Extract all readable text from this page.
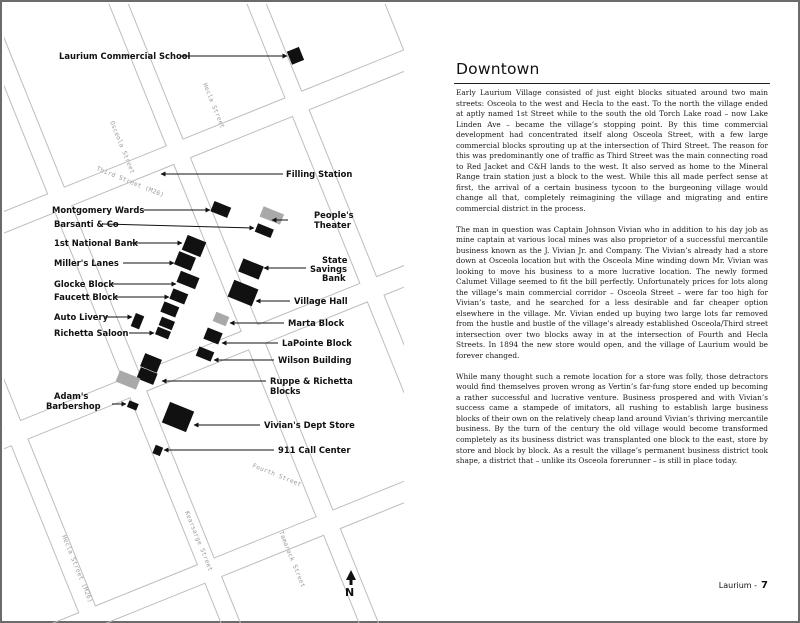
Osceola Street
Hecla Street
Third Street (M26)
Hecla Street (M26)	Kearsarge Street
Fourth Street
Tamarack Street
Laurium Commercial School
Filling Station
Montgomery Wards
Barsanti & Co
People's
Theater
1st National Bank
State
Savings
Bank
Miller's Lanes
Glocke Block
Village Hall
Faucett Block
Auto Livery
Marta Block
Richetta Saloon
LaPointe Block
Wilson Building
Ruppe & Richetta
Blocks
Adam's
Barbershop
Vivian's Dept Store
911 Call Center
N
Downtown

Early Laurium Village consisted of just eight blocks situated around two main streets: Osceola to the west and Hecla to the east. To the north the village ended at aptly named 1st Street while to the south the old Torch Lake road – now Lake Linden Ave – became the village’s stopping point. By this time commercial development had concentrated itself along Osceola Street, with a few large commercial blocks sprouting up at the intersection of Third Street. The reason for this was predominantly one of traffic as Third Street was the main connecting road to Red Jacket and C&H lands to the west. It also served as home to the Mineral Range train station just a block to the west. While this all made perfect sense at first, the arrival of a certain business tycoon to the burgeoning village would change all that, completely reimagining the village and migrating and entire commercial district in the process.

The man in question was Captain Johnson Vivian who in addition to his day job as mine captain at various local mines was also proprietor of a successful mercantile business known as the J. Vivian Jr. and Company. The Vivian’s already had a store down at Osceola location but with the Osceola Mine winding down Mr. Vivian was looking to move his business to a more lucrative location. The newly formed Calumet Village seemed to fit the bill perfectly. Unfortunately prices for lots along the village’s main commercial corridor – Osceola Street – were far too high for Vivian’s taste, and he searched for a less desirable and far cheaper option elsewhere in the village. Mr. Vivian ended up buying two large lots far removed from the hustle and bustle of the village’s already established Osceola/Third street intersection over two blocks away in at the intersection of Fourth and Hecla Streets. In 1894 the new store would open, and the village of Laurium would be forever changed.

While many thought such a remote location for a store was folly, those detractors would find themselves proven wrong as Vertin’s far-fung store ended up becoming a rather successful and lucrative venture. Business prospered and with Vivian’s success came a stampede of imitators, all rushing to establish large business blocks of their own on the relatively cheap land around Vivian’s thriving mercantile business. By the turn of the century the old village would become transformed completely as its business district was transplanted one block to the east, store by store and block by block. As a result the village’s permanent business district took shape, a district that – unlike its Osceola forerunner – is still in place today.

Laurium - 7
